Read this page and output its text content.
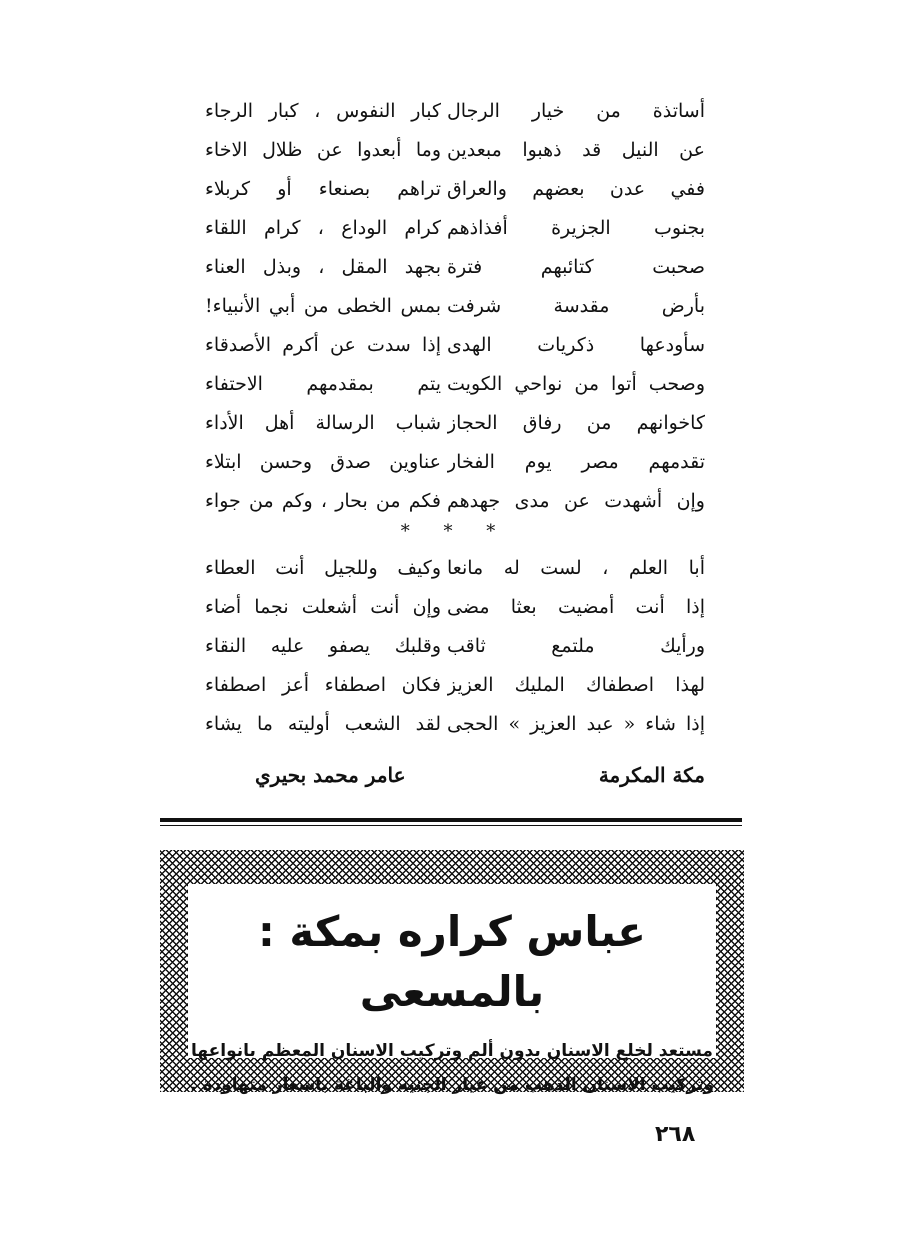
أساتذة من خيار الرجال
كبار النفوس ، كبار الرجاء
عن النيل قد ذهبوا مبعدين
وما أبعدوا عن ظلال الاخاء
ففي عدن بعضهم والعراق
تراهم بصنعاء أو كربلاء
بجنوب الجزيرة أفذاذهم
كرام الوداع ، كرام اللقاء
صحبت كتائبهم فترة
بجهد المقل ، وبذل العناء
بأرض مقدسة شرفت
بمس الخطى من أبي الأنبياء!
سأودعها ذكريات الهدى
إذا سدت عن أكرم الأصدقاء
وصحب أتوا من نواحي الكويت
يتم بمقدمهم الاحتفاء
كاخوانهم من رفاق الحجاز
شباب الرسالة أهل الأداء
تقدمهم مصر يوم الفخار
عناوين صدق وحسن ابتلاء
وإن أشهدت عن مدى جهدهم
فكم من بحار ، وكم من جواء
* * *
أبا العلم ، لست له مانعا
وكيف وللجيل أنت العطاء
إذا أنت أمضيت بعثا مضى
وإن أنت أشعلت نجما أضاء
ورأيك ملتمع ثاقب
وقلبك يصفو عليه النقاء
لهذا اصطفاك المليك العزيز
فكان اصطفاء أعز اصطفاء
إذا شاء « عبد العزيز » الحجى
لقد الشعب أوليته ما يشاء
مكة المكرمة
عامر محمد بحيري
عباس كراره بمكة : بالمسعى
مستعد لخلع الاسنان بدون ألم وتركيب الاسنان المعظم بانواعها
وتركيب الاسنان الذهب من عيار الجنيه والباغة باسعار متهاودة .
٢٦٨
